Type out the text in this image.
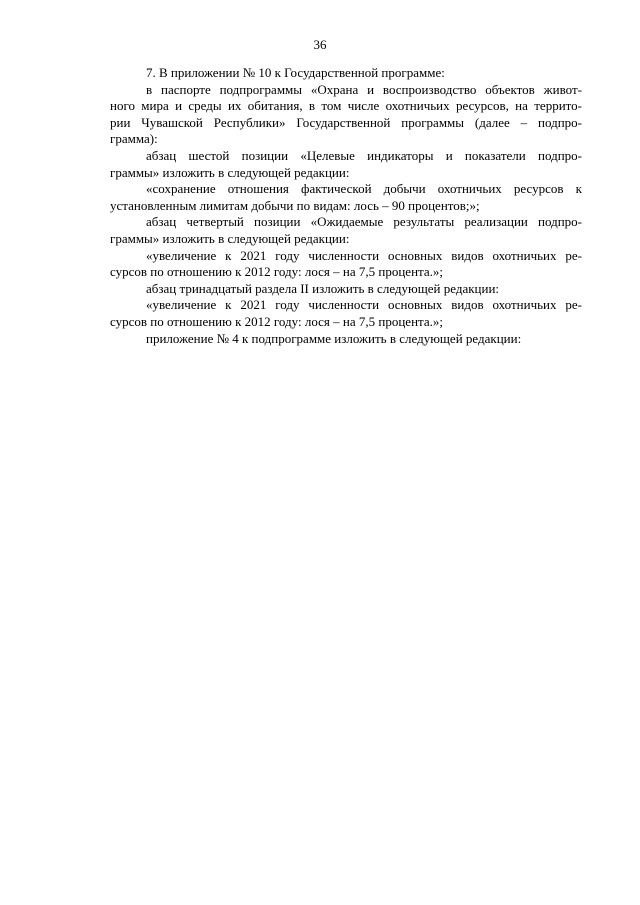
36
7. В приложении № 10 к Государственной программе:
в паспорте подпрограммы «Охрана и воспроизводство объектов живот-
ного мира и среды их обитания, в том числе охотничьих ресурсов, на террито-
рии Чувашской Республики» Государственной программы (далее – подпро-
грамма):
абзац шестой позиции «Целевые индикаторы и показатели подпро-
граммы» изложить в следующей редакции:
«сохранение отношения фактической добычи охотничьих ресурсов к
установленным лимитам добычи по видам: лось – 90 процентов;»;
абзац четвертый позиции «Ожидаемые результаты реализации подпро-
граммы» изложить в следующей редакции:
«увеличение к 2021 году численности основных видов охотничьих ре-
сурсов по отношению к 2012 году: лося – на 7,5 процента.»;
абзац тринадцатый раздела II изложить в следующей редакции:
«увеличение к 2021 году численности основных видов охотничьих ре-
сурсов по отношению к 2012 году: лося – на 7,5 процента.»;
приложение № 4 к подпрограмме изложить в следующей редакции:
